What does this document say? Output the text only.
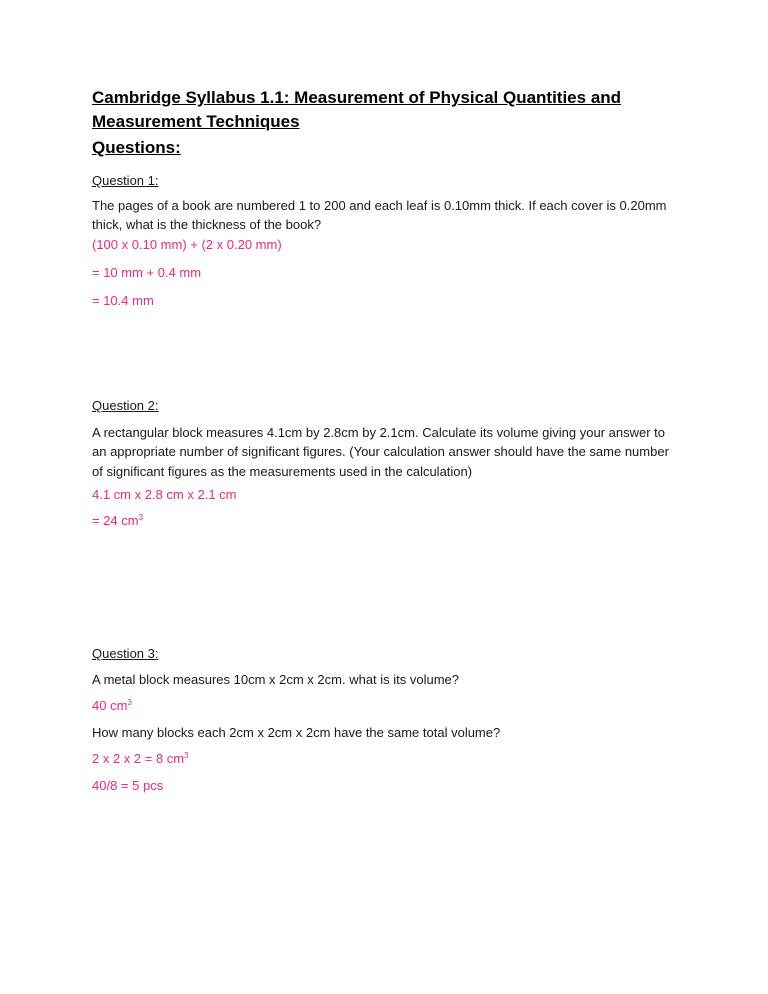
Cambridge Syllabus 1.1: Measurement of Physical Quantities and
Measurement Techniques
Questions:
Question 1:
The pages of a book are numbered 1 to 200 and each leaf is 0.10mm thick. If each cover is 0.20mm
thick, what is the thickness of the book?
(100 x 0.10 mm) + (2 x 0.20 mm)
= 10 mm + 0.4 mm
= 10.4 mm
Question 2:
A rectangular block measures 4.1cm by 2.8cm by 2.1cm. Calculate its volume giving your answer to
an appropriate number of significant figures. (Your calculation answer should have the same number
of significant figures as the measurements used in the calculation)
4.1 cm x 2.8 cm x 2.1 cm
= 24 $cm^3$
Question 3:
A metal block measures 10cm x 2cm x 2cm. what is its volume?
40 $cm^3$
How many blocks each 2cm x 2cm x 2cm have the same total volume?
2 x 2 x 2 = 8 $cm^3$
40/8 = 5 pcs
